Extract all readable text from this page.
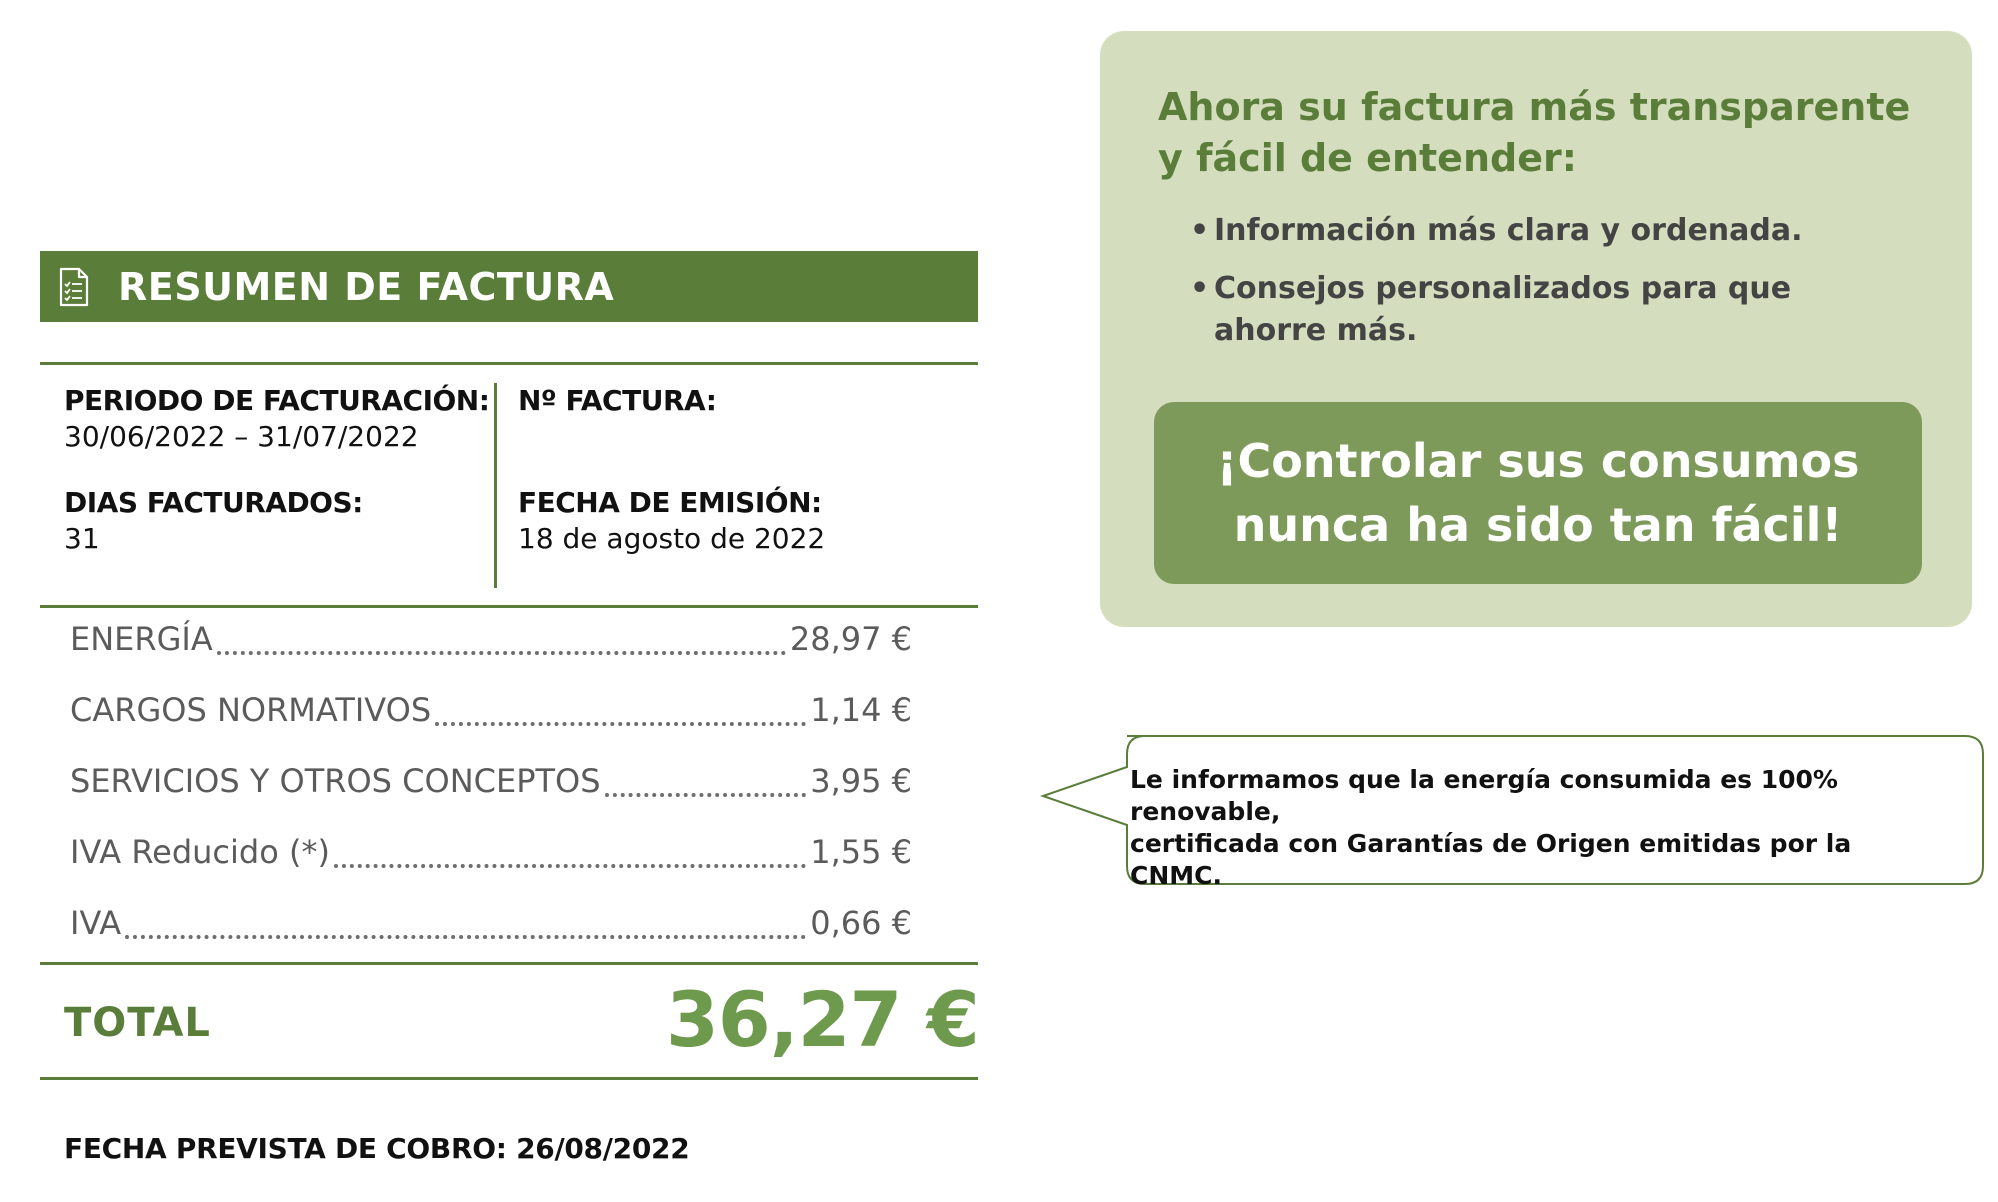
RESUMEN DE FACTURA
PERIODO DE FACTURACIÓN:
30/06/2022 – 31/07/2022
Nº FACTURA:
DIAS FACTURADOS:
31
FECHA DE EMISIÓN:
18 de agosto de 2022
ENERGÍA	28,97 €
CARGOS NORMATIVOS	1,14 €
SERVICIOS Y OTROS CONCEPTOS	3,95 €
IVA Reducido (*)	1,55 €
IVA	0,66 €
TOTAL	36,27 €
FECHA PREVISTA DE COBRO: 26/08/2022
Ahora su factura más transparente
y fácil de entender:
• Información más clara y ordenada.
• Consejos personalizados para que
ahorre más.
¡Controlar sus consumos
nunca ha sido tan fácil!
Le informamos que la energía consumida es 100% renovable,
certificada con Garantías de Origen emitidas por la CNMC.
